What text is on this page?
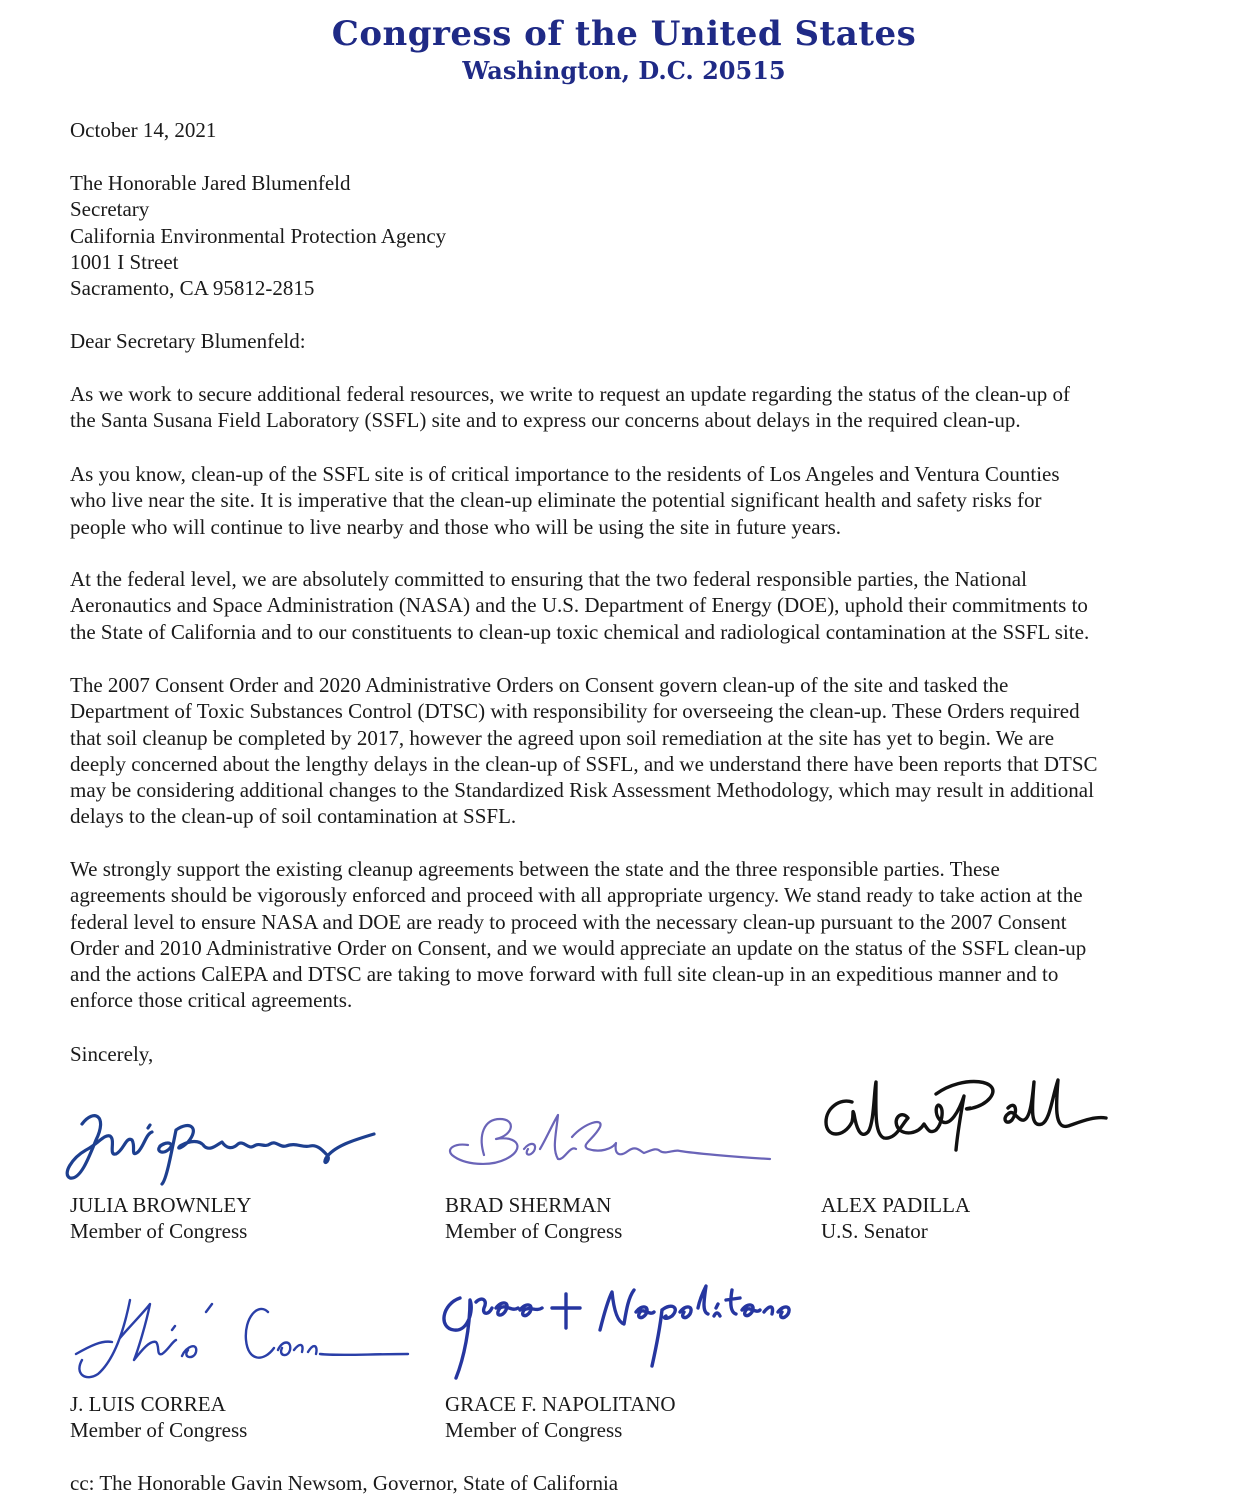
Congress of the United States
Washington, D.C. 20515
October 14, 2021
The Honorable Jared Blumenfeld
Secretary
California Environmental Protection Agency
1001 I Street
Sacramento, CA 95812-2815
Dear Secretary Blumenfeld:
As we work to secure additional federal resources, we write to request an update regarding the status of the clean-up of
the Santa Susana Field Laboratory (SSFL) site and to express our concerns about delays in the required clean-up.
As you know, clean-up of the SSFL site is of critical importance to the residents of Los Angeles and Ventura Counties
who live near the site. It is imperative that the clean-up eliminate the potential significant health and safety risks for
people who will continue to live nearby and those who will be using the site in future years.
At the federal level, we are absolutely committed to ensuring that the two federal responsible parties, the National
Aeronautics and Space Administration (NASA) and the U.S. Department of Energy (DOE), uphold their commitments to
the State of California and to our constituents to clean-up toxic chemical and radiological contamination at the SSFL site.
The 2007 Consent Order and 2020 Administrative Orders on Consent govern clean-up of the site and tasked the
Department of Toxic Substances Control (DTSC) with responsibility for overseeing the clean-up. These Orders required
that soil cleanup be completed by 2017, however the agreed upon soil remediation at the site has yet to begin. We are
deeply concerned about the lengthy delays in the clean-up of SSFL, and we understand there have been reports that DTSC
may be considering additional changes to the Standardized Risk Assessment Methodology, which may result in additional
delays to the clean-up of soil contamination at SSFL.
We strongly support the existing cleanup agreements between the state and the three responsible parties. These
agreements should be vigorously enforced and proceed with all appropriate urgency. We stand ready to take action at the
federal level to ensure NASA and DOE are ready to proceed with the necessary clean-up pursuant to the 2007 Consent
Order and 2010 Administrative Order on Consent, and we would appreciate an update on the status of the SSFL clean-up
and the actions CalEPA and DTSC are taking to move forward with full site clean-up in an expeditious manner and to
enforce those critical agreements.
Sincerely,
JULIA BROWNLEY
Member of Congress
BRAD SHERMAN
Member of Congress
ALEX PADILLA
U.S. Senator
J. LUIS CORREA
Member of Congress
GRACE F. NAPOLITANO
Member of Congress
cc: The Honorable Gavin Newsom, Governor, State of California
